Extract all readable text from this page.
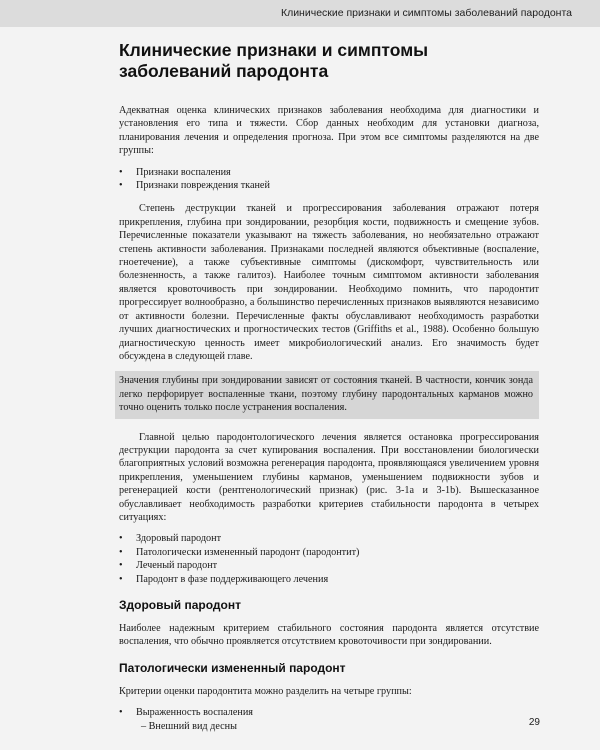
Клинические признаки и симптомы заболеваний пародонта
Клинические признаки и симптомы заболеваний пародонта

Адекватная оценка клинических признаков заболевания необходима для диагностики и установления его типа и тяжести. Сбор данных необходим для установки диагноза, планирования лечения и определения прогноза. При этом все симптомы разделяются на две группы:

• Признаки воспаления
• Признаки повреждения тканей

Степень деструкции тканей и прогрессирования заболевания отражают потеря прикрепления, глубина при зондировании, резорбция кости, подвижность и смещение зубов. Перечисленные показатели указывают на тяжесть заболевания, но необязательно отражают степень активности заболевания. Признаками последней являются объективные (воспаление, гноетечение), а также субъективные симптомы (дискомфорт, чувствительность или болезненность, а также галитоз). Наиболее точным симптомом активности заболевания является кровоточивость при зондировании. Необходимо помнить, что пародонтит прогрессирует волнообразно, а большинство перечисленных признаков выявляются независимо от активности болезни. Перечисленные факты обуславливают необходимость разработки лучших диагностических и прогностических тестов (Griffiths et al., 1988). Особенно большую диагностическую ценность имеет микробиологический анализ. Его значимость будет обсуждена в следующей главе.

Значения глубины при зондировании зависят от состояния тканей. В частности, кончик зонда легко перфорирует воспаленные ткани, поэтому глубину пародонтальных карманов можно точно оценить только после устранения воспаления.

Главной целью пародонтологического лечения является остановка прогрессирования деструкции пародонта за счет купирования воспаления. При восстановлении биологически благоприятных условий возможна регенерация пародонта, проявляющаяся увеличением уровня прикрепления, уменьшением глубины карманов, уменьшением подвижности зубов и регенерацией кости (рентгенологический признак) (рис. 3-1a и 3-1b). Вышесказанное обуславливает необходимость разработки критериев стабильности пародонта в четырех ситуациях:

• Здоровый пародонт
• Патологически измененный пародонт (пародонтит)
• Леченый пародонт
• Пародонт в фазе поддерживающего лечения
Здоровый пародонт

Наиболее надежным критерием стабильного состояния пародонта является отсутствие воспаления, что обычно проявляется отсутствием кровоточивости при зондировании.

Патологически измененный пародонт

Критерии оценки пародонтита можно разделить на четыре группы:

• Выраженность воспаления
– Внешний вид десны	29
